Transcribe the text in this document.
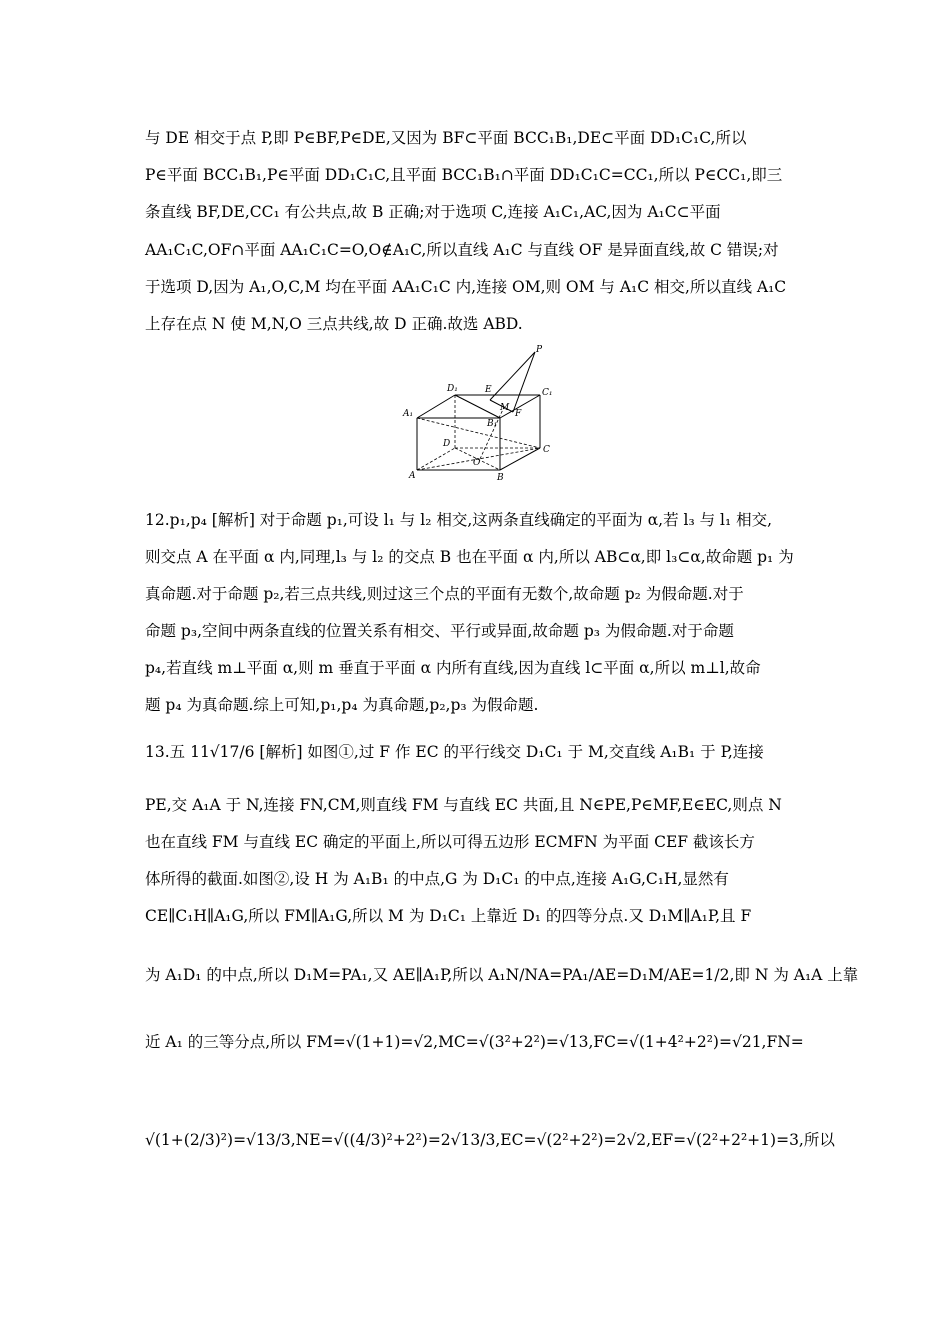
与 DE 相交于点 P,即 P∈BF,P∈DE,又因为 BF⊂平面 BCC₁B₁,DE⊂平面 DD₁C₁C,所以
P∈平面 BCC₁B₁,P∈平面 DD₁C₁C,且平面 BCC₁B₁∩平面 DD₁C₁C=CC₁,所以 P∈CC₁,即三
条直线 BF,DE,CC₁ 有公共点,故 B 正确;对于选项 C,连接 A₁C₁,AC,因为 A₁C⊂平面
AA₁C₁C,OF∩平面 AA₁C₁C=O,O∉A₁C,所以直线 A₁C 与直线 OF 是异面直线,故 C 错误;对
于选项 D,因为 A₁,O,C,M 均在平面 AA₁C₁C 内,连接 OM,则 OM 与 A₁C 相交,所以直线 A₁C
上存在点 N 使 M,N,O 三点共线,故 D 正确.故选 ABD.
P
D₁	E	C₁
A₁
M
F
B₁
D
O
C
A	B
12.p₁,p₄ [解析] 对于命题 p₁,可设 l₁ 与 l₂ 相交,这两条直线确定的平面为 α,若 l₃ 与 l₁ 相交,
则交点 A 在平面 α 内,同理,l₃ 与 l₂ 的交点 B 也在平面 α 内,所以 AB⊂α,即 l₃⊂α,故命题 p₁ 为
真命题.对于命题 p₂,若三点共线,则过这三个点的平面有无数个,故命题 p₂ 为假命题.对于
命题 p₃,空间中两条直线的位置关系有相交、平行或异面,故命题 p₃ 为假命题.对于命题
p₄,若直线 m⊥平面 α,则 m 垂直于平面 α 内所有直线,因为直线 l⊂平面 α,所以 m⊥l,故命
题 p₄ 为真命题.综上可知,p₁,p₄ 为真命题,p₂,p₃ 为假命题.
13.五 11√17/6 [解析] 如图①,过 F 作 EC 的平行线交 D₁C₁ 于 M,交直线 A₁B₁ 于 P,连接
PE,交 A₁A 于 N,连接 FN,CM,则直线 FM 与直线 EC 共面,且 N∈PE,P∈MF,E∈EC,则点 N
也在直线 FM 与直线 EC 确定的平面上,所以可得五边形 ECMFN 为平面 CEF 截该长方
体所得的截面.如图②,设 H 为 A₁B₁ 的中点,G 为 D₁C₁ 的中点,连接 A₁G,C₁H,显然有
CE∥C₁H∥A₁G,所以 FM∥A₁G,所以 M 为 D₁C₁ 上靠近 D₁ 的四等分点.又 D₁M∥A₁P,且 F
为 A₁D₁ 的中点,所以 D₁M=PA₁,又 AE∥A₁P,所以 A₁N/NA=PA₁/AE=D₁M/AE=1/2,即 N 为 A₁A 上靠
近 A₁ 的三等分点,所以 FM=√(1+1)=√2,MC=√(3²+2²)=√13,FC=√(1+4²+2²)=√21,FN=
√(1+(2/3)²)=√13/3,NE=√((4/3)²+2²)=2√13/3,EC=√(2²+2²)=2√2,EF=√(2²+2²+1)=3,所以
